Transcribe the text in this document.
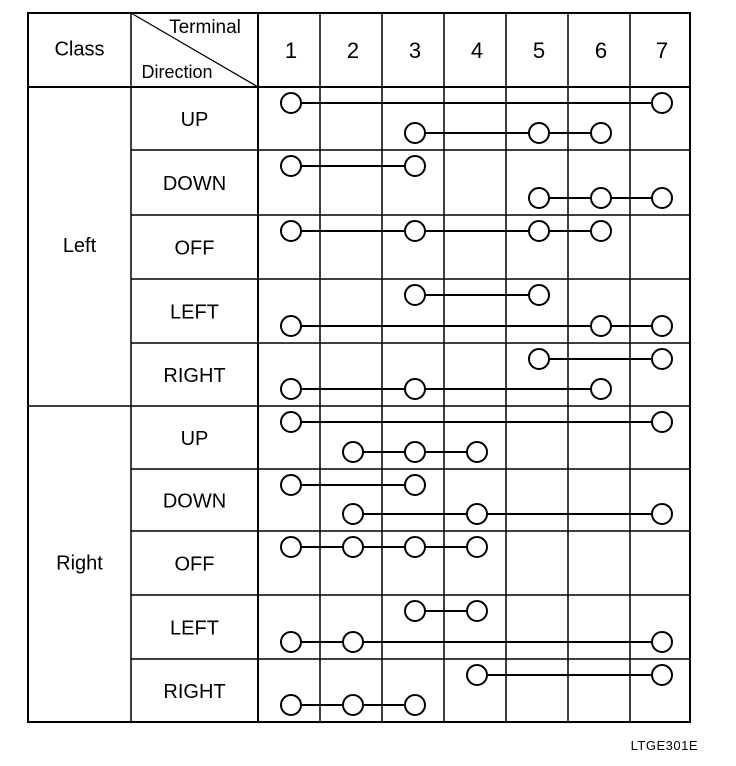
Terminal
Direction
Class	1 2 3 4 5 6 7
Left
UP
DOWN
OFF
LEFT
RIGHT
Right
UP
DOWN
OFF
LEFT
RIGHT
LTGE301E
